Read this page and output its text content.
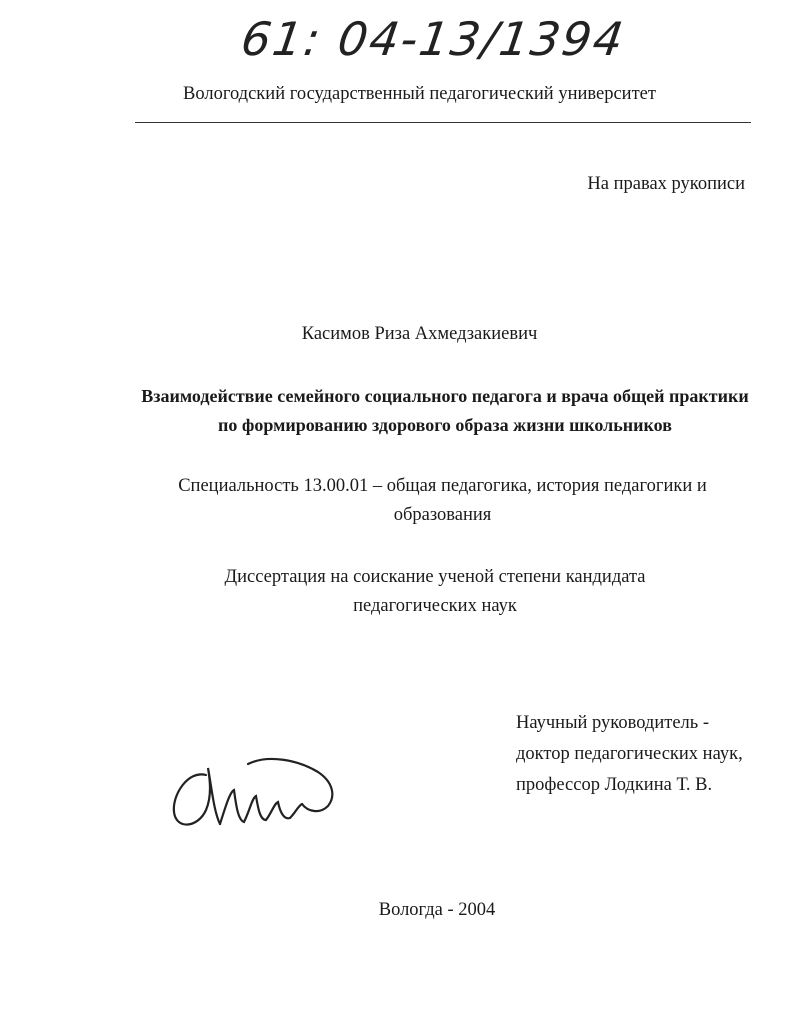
61: 04-13/1394
Вологодский государственный педагогический университет
На правах рукописи
Касимов Риза Ахмедзакиевич
Взаимодействие семейного социального педагога и врача общей практики
по формированию здорового образа жизни школьников
Специальность 13.00.01 – общая педагогика, история педагогики и
образования
Диссертация на соискание ученой степени кандидата
педагогических наук
Научный руководитель -
доктор педагогических наук,
профессор Лодкина Т. В.
Вологда - 2004
